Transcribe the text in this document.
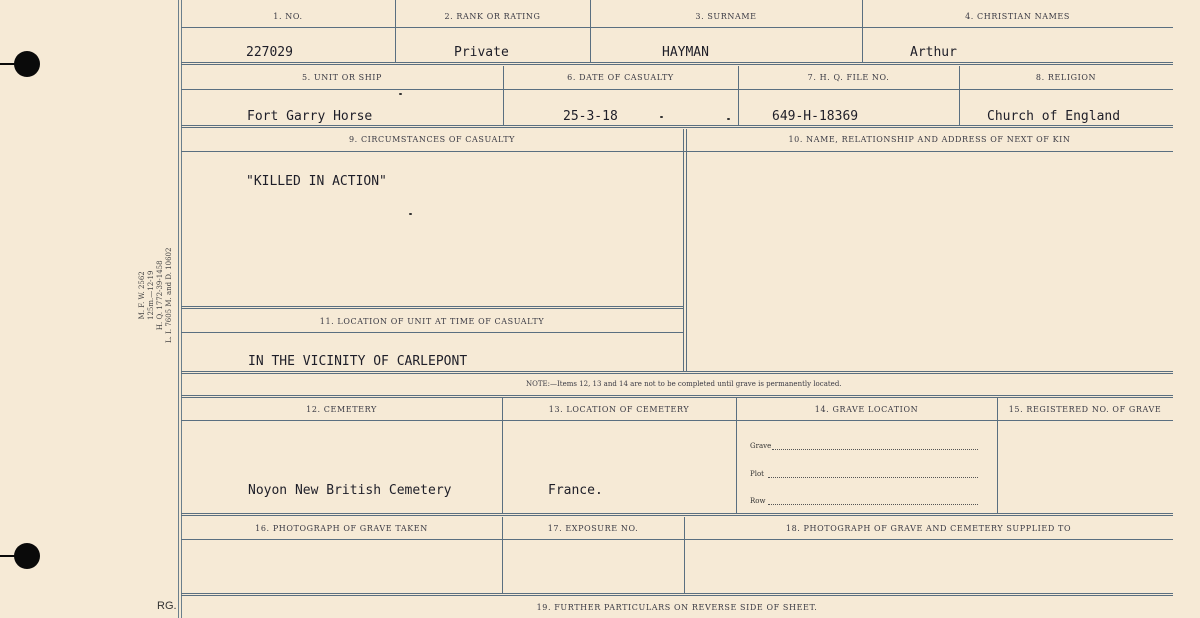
M. F. W. 2562 125m.—12-19 H. Q. 1772-39-1458 L. I. 7605 M. and D. 10602
RG.
1. NO.	2. RANK OR RATING	3. SURNAME	4. CHRISTIAN NAMES
227029	Private	HAYMAN	Arthur
5. UNIT OR SHIP	6. DATE OF CASUALTY	7. H. Q. FILE NO.	8. RELIGION
Fort Garry Horse	25-3-18	649-H-18369	Church of England
9. CIRCUMSTANCES OF CASUALTY	10. NAME, RELATIONSHIP AND ADDRESS OF NEXT OF KIN
"KILLED IN ACTION"
11. LOCATION OF UNIT AT TIME OF CASUALTY
IN THE VICINITY OF CARLEPONT
NOTE:—Items 12, 13 and 14 are not to be completed until grave is permanently located.
12. CEMETERY	13. LOCATION OF CEMETERY	14. GRAVE LOCATION	15. REGISTERED NO. OF GRAVE
Noyon New British Cemetery	France.
Grave
Plot
Row
16. PHOTOGRAPH OF GRAVE TAKEN	17. EXPOSURE NO.	18. PHOTOGRAPH OF GRAVE AND CEMETERY SUPPLIED TO
19. FURTHER PARTICULARS ON REVERSE SIDE OF SHEET.
